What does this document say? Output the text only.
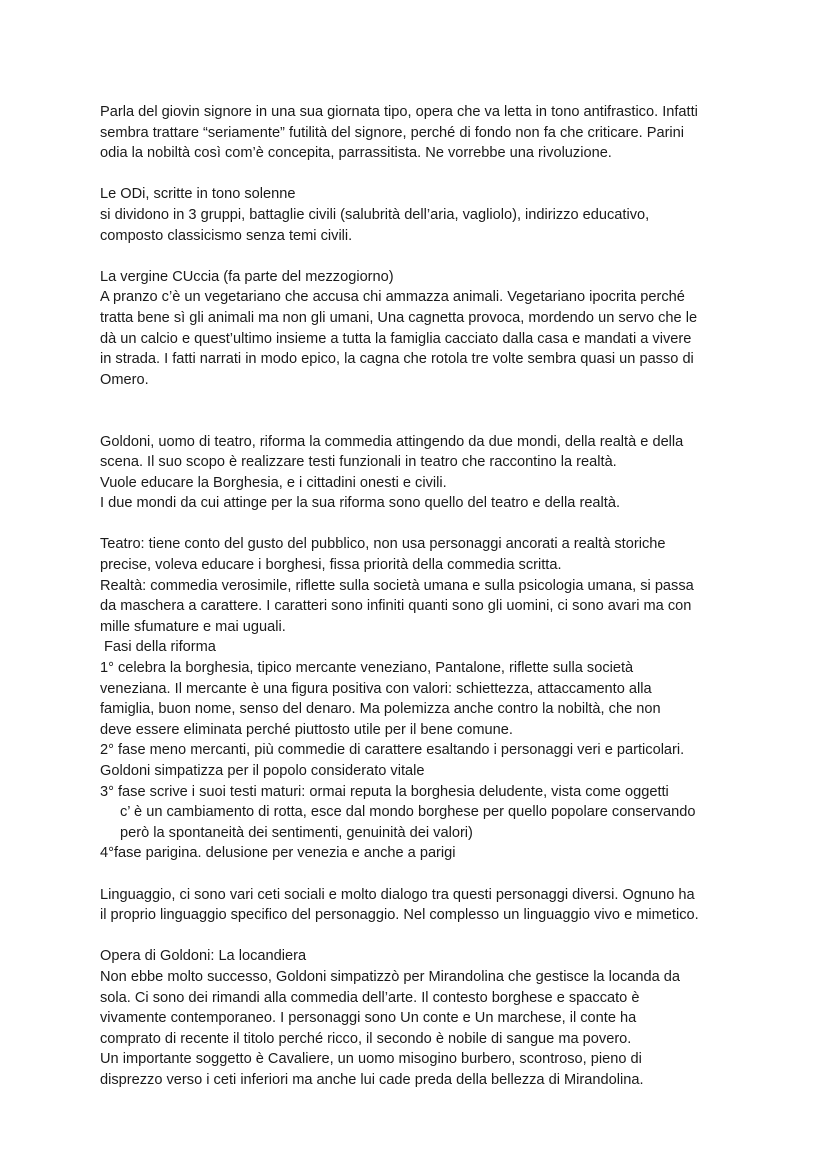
Parla del giovin signore in una sua giornata tipo, opera che va letta in tono antifrastico. Infatti
sembra trattare “seriamente” futilità del signore, perché di fondo non fa che criticare. Parini
odia la nobiltà così com’è concepita, parrassitista. Ne vorrebbe una rivoluzione.
Le ODi, scritte in tono solenne
si dividono in 3 gruppi, battaglie civili (salubrità dell’aria, vagliolo), indirizzo educativo,
composto classicismo senza temi civili.
La vergine CUccia (fa parte del mezzogiorno)
A pranzo c’è un vegetariano che accusa chi ammazza animali. Vegetariano ipocrita perché
tratta bene sì gli animali ma non gli umani, Una cagnetta provoca, mordendo un servo che le
dà un calcio e quest’ultimo insieme a tutta la famiglia cacciato dalla casa e mandati a vivere
in strada. I fatti narrati in modo epico, la cagna che rotola tre volte sembra quasi un passo di
Omero.
Goldoni, uomo di teatro, riforma la commedia attingendo da due mondi, della realtà e della
scena. Il suo scopo è realizzare testi funzionali in teatro che raccontino la realtà.
Vuole educare la Borghesia, e i cittadini onesti e civili.
I due mondi da cui attinge per la sua riforma sono quello del teatro e della realtà.
Teatro: tiene conto del gusto del pubblico, non usa personaggi ancorati a realtà storiche
precise, voleva educare i borghesi, fissa priorità della commedia scritta.
Realtà: commedia verosimile, riflette sulla società umana e sulla psicologia umana, si passa
da maschera a carattere. I caratteri sono infiniti quanti sono gli uomini, ci sono avari ma con
mille sfumature e mai uguali.
Fasi della riforma
1° celebra la borghesia, tipico mercante veneziano, Pantalone, riflette sulla società
veneziana. Il mercante è una figura positiva con valori: schiettezza, attaccamento alla
famiglia, buon nome, senso del denaro. Ma polemizza anche contro la nobiltà, che non
deve essere eliminata perché piuttosto utile per il bene comune.
2° fase meno mercanti, più commedie di carattere esaltando i personaggi veri e particolari.
Goldoni simpatizza per il popolo considerato vitale
3° fase scrive i suoi testi maturi: ormai reputa la borghesia deludente, vista come oggetti
c’ è un cambiamento di rotta, esce dal mondo borghese per quello popolare conservando
però la spontaneità dei sentimenti, genuinità dei valori)
4°fase parigina. delusione per venezia e anche a parigi
Linguaggio, ci sono vari ceti sociali e molto dialogo tra questi personaggi diversi. Ognuno ha
il proprio linguaggio specifico del personaggio. Nel complesso un linguaggio vivo e mimetico.
Opera di Goldoni: La locandiera
Non ebbe molto successo, Goldoni simpatizzò per Mirandolina che gestisce la locanda da
sola. Ci sono dei rimandi alla commedia dell’arte. Il contesto borghese e spaccato è
vivamente contemporaneo. I personaggi sono Un conte e Un marchese, il conte ha
comprato di recente il titolo perché ricco, il secondo è nobile di sangue ma povero.
Un importante soggetto è Cavaliere, un uomo misogino burbero, scontroso, pieno di
disprezzo verso i ceti inferiori ma anche lui cade preda della bellezza di Mirandolina.
